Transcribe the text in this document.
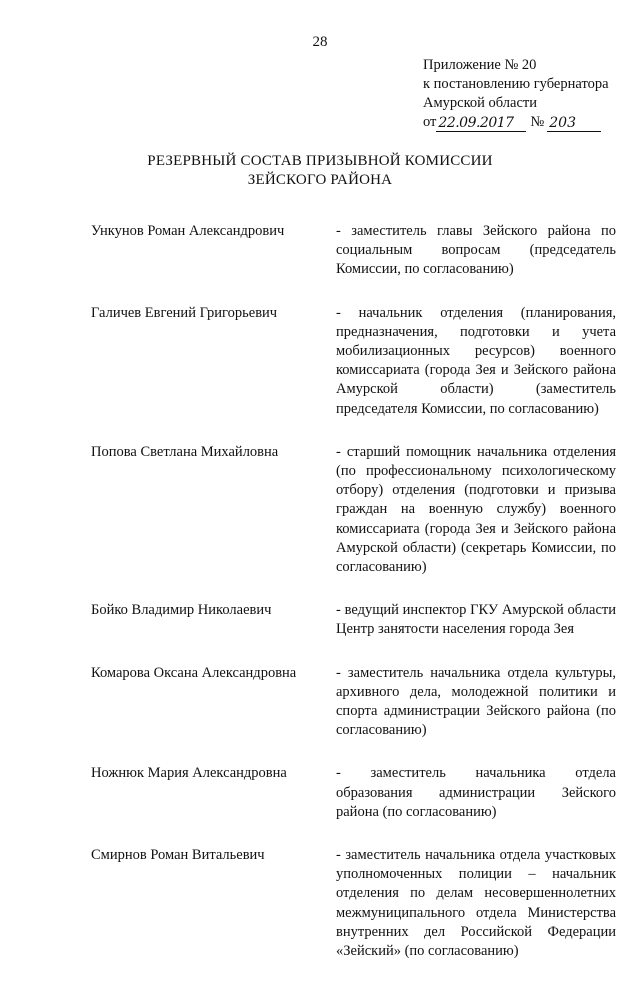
28
Приложение № 20
к постановлению губернатора
Амурской области
от 22.09.2017	№ 203
РЕЗЕРВНЫЙ СОСТАВ ПРИЗЫВНОЙ КОМИССИИ
ЗЕЙСКОГО РАЙОНА
Ункунов Роман Александрович	- заместитель главы Зейского района по социальным вопросам (председатель Комиссии, по согласованию)
Галичев Евгений Григорьевич	- начальник отделения (планирования, предназначения, подготовки и учета мобилизационных ресурсов) военного комиссариата (города Зея и Зейского района Амурской области) (заместитель председателя Комиссии, по согласованию)
Попова Светлана Михайловна	- старший помощник начальника отделения (по профессиональному психологическому отбору) отделения (подготовки и призыва граждан на военную службу) военного комиссариата (города Зея и Зейского района Амурской области) (секретарь Комиссии, по согласованию)
Бойко Владимир Николаевич	- ведущий инспектор ГКУ Амурской области Центр занятости населения города Зея
Комарова Оксана Александровна	- заместитель начальника отдела культуры, архивного дела, молодежной политики и спорта администрации Зейского района (по согласованию)
Ножнюк Мария Александровна	- заместитель начальника отдела образования администрации Зейского района (по согласованию)
Смирнов Роман Витальевич	- заместитель начальника отдела участковых уполномоченных полиции – начальник отделения по делам несовершеннолетних межмуниципального отдела Министерства внутренних дел Российской Федерации «Зейский» (по согласованию)
